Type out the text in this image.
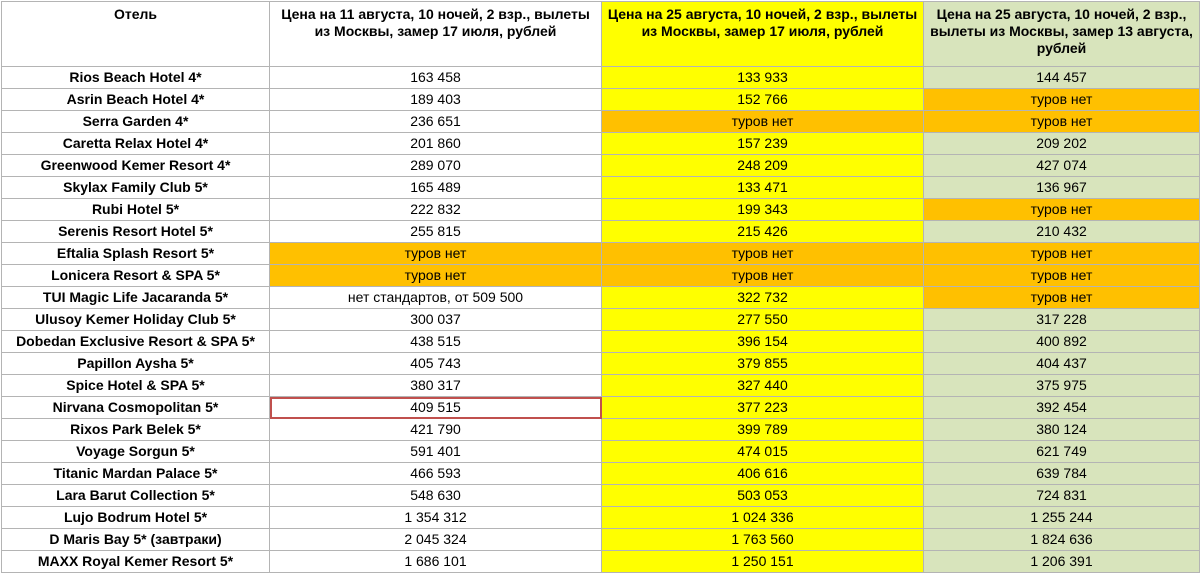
Отель	Цена на 11 августа, 10 ночей, 2 взр., вылеты из Москвы, замер 17 июля, рублей	Цена на 25 августа, 10 ночей, 2 взр., вылеты из Москвы, замер 17 июля, рублей	Цена на 25 августа, 10 ночей, 2 взр., вылеты из Москвы, замер 13 августа, рублей
Rios Beach Hotel 4*	163 458	133 933	144 457
Asrin Beach Hotel 4*	189 403	152 766	туров нет
Serra Garden 4*	236 651	туров нет	туров нет
Caretta Relax Hotel 4*	201 860	157 239	209 202
Greenwood Kemer Resort 4*	289 070	248 209	427 074
Skylax Family Club 5*	165 489	133 471	136 967
Rubi Hotel 5*	222 832	199 343	туров нет
Serenis Resort Hotel 5*	255 815	215 426	210 432
Eftalia Splash Resort 5*	туров нет	туров нет	туров нет
Lonicera Resort & SPA 5*	туров нет	туров нет	туров нет
TUI Magic Life Jacaranda 5*	нет стандартов, от 509 500	322 732	туров нет
Ulusoy Kemer Holiday Club 5*	300 037	277 550	317 228
Dobedan Exclusive Resort & SPA 5*	438 515	396 154	400 892
Papillon Aysha 5*	405 743	379 855	404 437
Spice Hotel & SPA 5*	380 317	327 440	375 975
Nirvana Cosmopolitan 5*	409 515	377 223	392 454
Rixos Park Belek 5*	421 790	399 789	380 124
Voyage Sorgun 5*	591 401	474 015	621 749
Titanic Mardan Palace 5*	466 593	406 616	639 784
Lara Barut Collection 5*	548 630	503 053	724 831
Lujo Bodrum Hotel 5*	1 354 312	1 024 336	1 255 244
D Maris Bay 5* (завтраки)	2 045 324	1 763 560	1 824 636
MAXX Royal Kemer Resort 5*	1 686 101	1 250 151	1 206 391
